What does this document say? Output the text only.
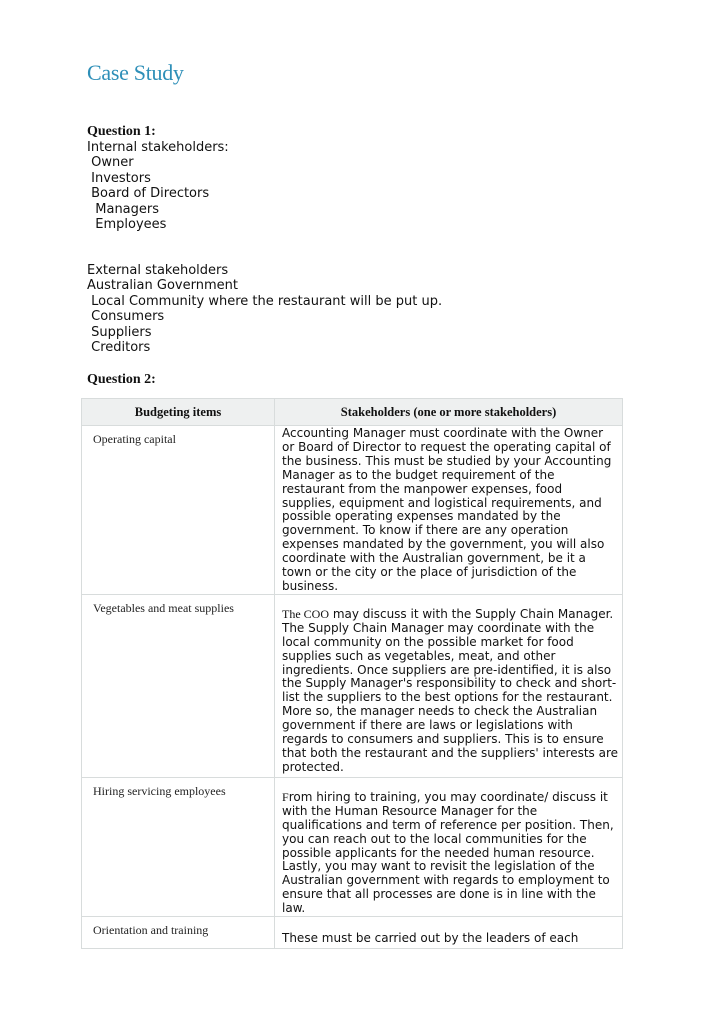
Case Study
Question 1:
Internal stakeholders:
Owner
Investors
Board of Directors
Managers
Employees
External stakeholders
Australian Government
Local Community where the restaurant will be put up.
Consumers
Suppliers
Creditors
Question 2:
Budgeting items	Stakeholders (one or more stakeholders)
Operating capital	Accounting Manager must coordinate with the Owner or Board of Director to request the operating capital of the business. This must be studied by your Accounting Manager as to the budget requirement of the restaurant from the manpower expenses, food supplies, equipment and logistical requirements, and possible operating expenses mandated by the government. To know if there are any operation expenses mandated by the government, you will also coordinate with the Australian government, be it a town or the city or the place of jurisdiction of the business.
Vegetables and meat supplies	The COO may discuss it with the Supply Chain Manager. The Supply Chain Manager may coordinate with the local community on the possible market for food supplies such as vegetables, meat, and other ingredients. Once suppliers are pre-identified, it is also the Supply Manager's responsibility to check and short-list the suppliers to the best options for the restaurant. More so, the manager needs to check the Australian government if there are laws or legislations with regards to consumers and suppliers. This is to ensure that both the restaurant and the suppliers' interests are protected.
Hiring servicing employees	From hiring to training, you may coordinate/ discuss it with the Human Resource Manager for the qualifications and term of reference per position. Then, you can reach out to the local communities for the possible applicants for the needed human resource. Lastly, you may want to revisit the legislation of the Australian government with regards to employment to ensure that all processes are done is in line with the law.
Orientation and training	These must be carried out by the leaders of each
